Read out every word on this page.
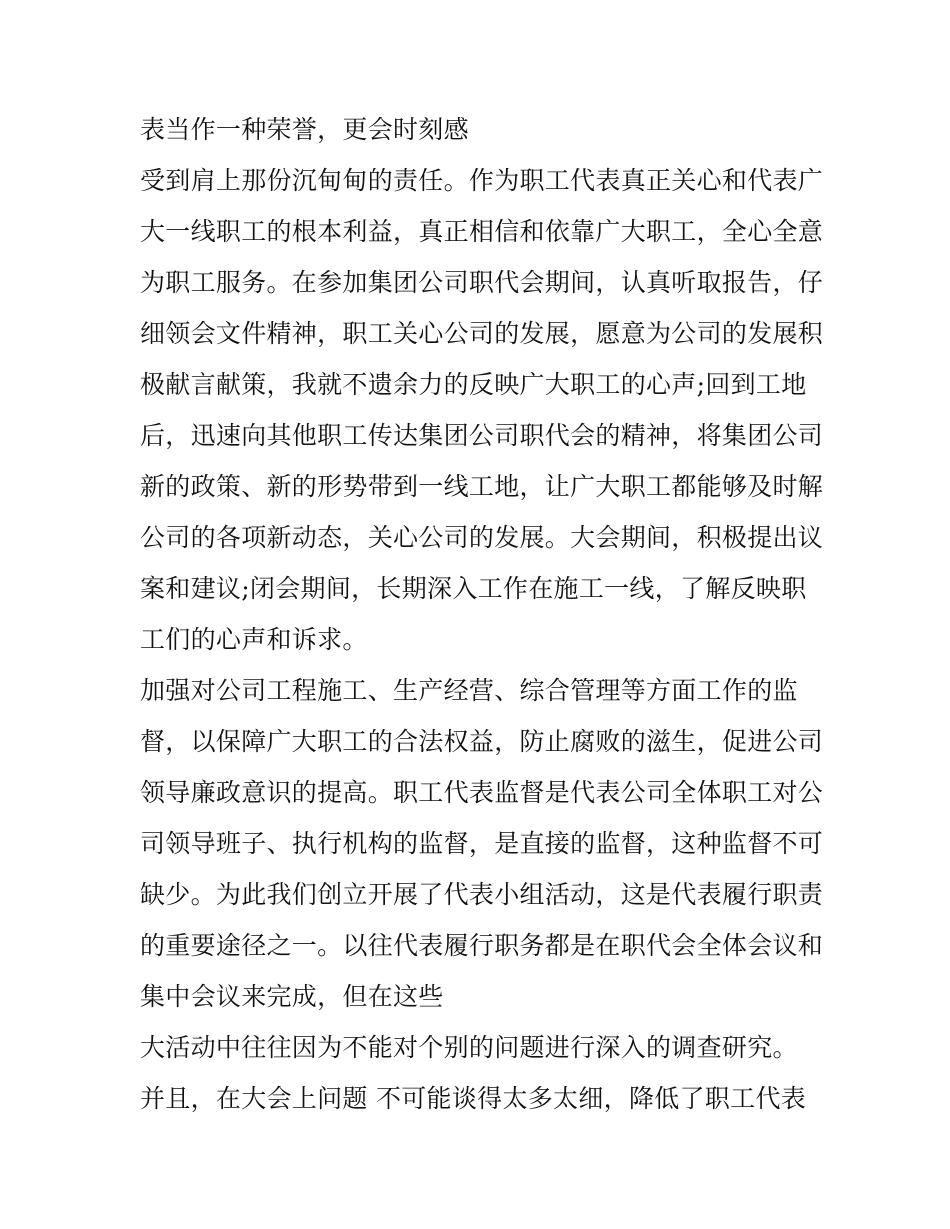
表当作一种荣誉，更会时刻感
受到肩上那份沉甸甸的责任。作为职工代表真正关心和代表广
大一线职工的根本利益，真正相信和依靠广大职工，全心全意
为职工服务。在参加集团公司职代会期间，认真听取报告，仔
细领会文件精神，职工关心公司的发展，愿意为公司的发展积
极献言献策，我就不遗余力的反映广大职工的心声;回到工地
后，迅速向其他职工传达集团公司职代会的精神，将集团公司
新的政策、新的形势带到一线工地，让广大职工都能够及时解
公司的各项新动态，关心公司的发展。大会期间，积极提出议
案和建议;闭会期间，长期深入工作在施工一线，了解反映职
工们的心声和诉求。
加强对公司工程施工、生产经营、综合管理等方面工作的监
督，以保障广大职工的合法权益，防止腐败的滋生，促进公司
领导廉政意识的提高。职工代表监督是代表公司全体职工对公
司领导班子、执行机构的监督，是直接的监督，这种监督不可
缺少。为此我们创立开展了代表小组活动，这是代表履行职责
的重要途径之一。以往代表履行职务都是在职代会全体会议和
集中会议来完成，但在这些
大活动中往往因为不能对个别的问题进行深入的调查研究。
并且，在大会上问题 不可能谈得太多太细，降低了职工代表
